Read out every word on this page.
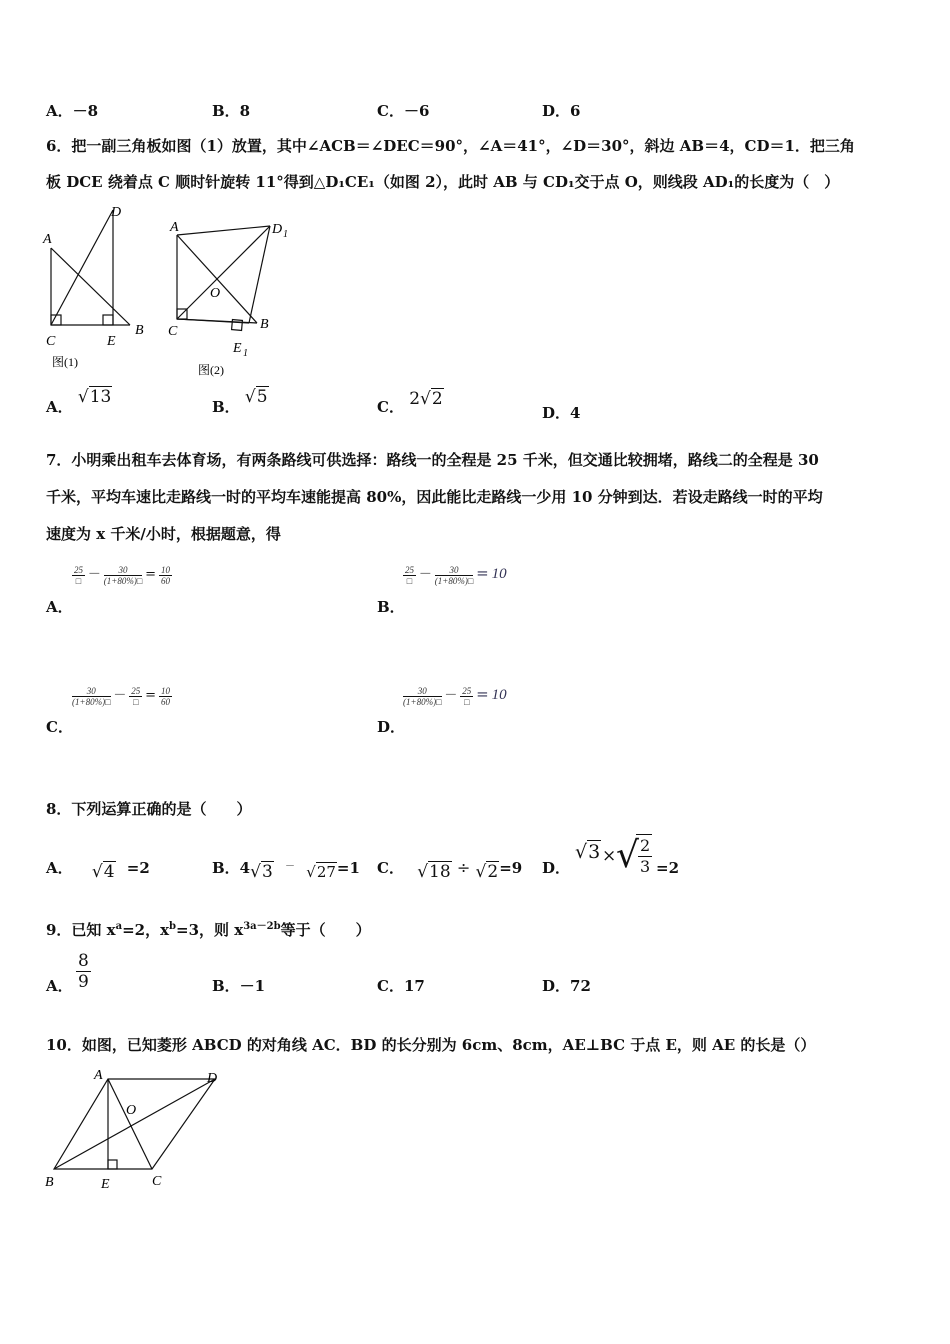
A．－8	B．8	C．－6	D．6
6．把一副三角板如图（1）放置，其中∠ACB＝∠DEC＝90°，∠A＝41°，∠D＝30°，斜边 AB＝4，CD＝1．把三角
板 DCE 绕着点 C 顺时针旋转 11°得到△D₁CE₁（如图 2），此时 AB 与 CD₁交于点 O，则线段 AD₁的长度为（　）
A
D
C	E
B
图(1)
A	D 1
O
C	B
E 1
图(2)
A． √13	B． √5	C． 2√2
D．4
7．小明乘出租车去体育场，有两条路线可供选择：路线一的全程是 25 千米，但交通比较拥堵，路线二的全程是 30
千米，平均车速比走路线一时的平均车速能提高 80%，因此能比走路线一少用 10 分钟到达．若设走路线一时的平均
速度为 x 千米/小时，根据题意，得
$\frac{25}{□} - \frac{30}{(1+80\%)□} = \frac{10}{60}$
A．
$\frac{25}{□} - \frac{30}{(1+80\%)□} = 10$
B．
$\frac{30}{(1+80\%)□} - \frac{25}{□} = \frac{10}{60}$
C．
$\frac{30}{(1+80\%)□} - \frac{25}{□} = 10$
D．
8．下列运算正确的是（　　）
A． √4 =2	B．4√3 － √27=1 C． √18 ÷ √2=9 D．
√3 × √ $\frac{2}{3} =2$
9．已知 $x^a=2$，$x^b=3$，则 $x^{3a-2b}$等于（　　）
A． $\frac{8}{9}$	B．－1	C．17	D．72
10．如图，已知菱形 ABCD 的对角线 AC．BD 的长分别为 6cm、8cm，AE⊥BC 于点 E，则 AE 的长是（）
A	D
O
B	E	C
